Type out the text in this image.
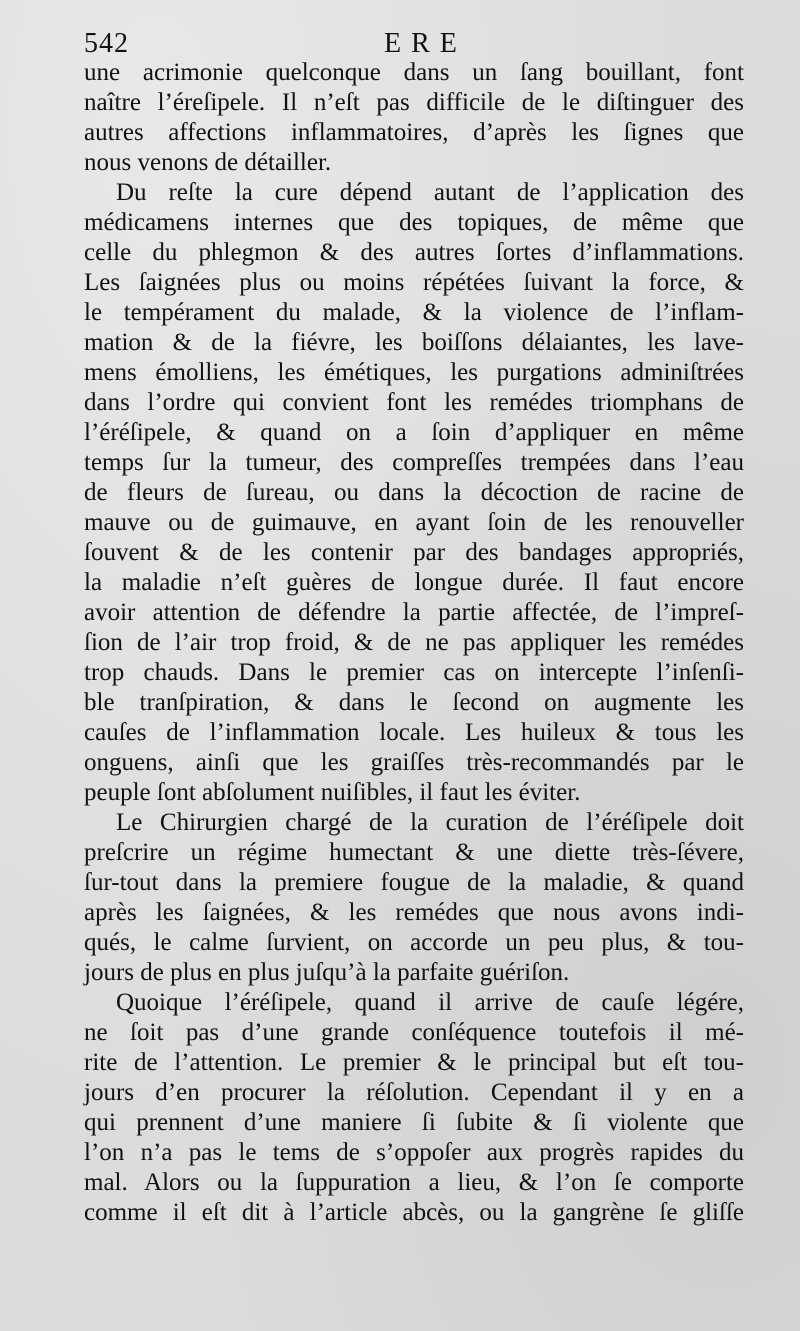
542	ERE
une acrimonie quelconque dans un ſang bouillant, font
naître l’éreſipele. Il n’eſt pas difficile de le diſtinguer des
autres affections inflammatoires, d’après les ſignes que
nous venons de détailler.
Du reſte la cure dépend autant de l’application des
médicamens internes que des topiques, de même que
celle du phlegmon & des autres ſortes d’inflammations.
Les ſaignées plus ou moins répétées ſuivant la force, &
le tempérament du malade, & la violence de l’inflam-
mation & de la fiévre, les boiſſons délaiantes, les lave-
mens émolliens, les émétiques, les purgations adminiſtrées
dans l’ordre qui convient font les remédes triomphans de
l’éréſipele, & quand on a ſoin d’appliquer en même
temps ſur la tumeur, des compreſſes trempées dans l’eau
de fleurs de ſureau, ou dans la décoction de racine de
mauve ou de guimauve, en ayant ſoin de les renouveller
ſouvent & de les contenir par des bandages appropriés,
la maladie n’eſt guères de longue durée. Il faut encore
avoir attention de défendre la partie affectée, de l’impreſ-
ſion de l’air trop froid, & de ne pas appliquer les remédes
trop chauds. Dans le premier cas on intercepte l’inſenſi-
ble tranſpiration, & dans le ſecond on augmente les
cauſes de l’inflammation locale. Les huileux & tous les
onguens, ainſi que les graiſſes très-recommandés par le
peuple ſont abſolument nuiſibles, il faut les éviter.
Le Chirurgien chargé de la curation de l’éréſipele doit
preſcrire un régime humectant & une diette très-ſévere,
ſur-tout dans la premiere fougue de la maladie, & quand
après les ſaignées, & les remédes que nous avons indi-
qués, le calme ſurvient, on accorde un peu plus, & tou-
jours de plus en plus juſqu’à la parfaite guériſon.
Quoique l’éréſipele, quand il arrive de cauſe légére,
ne ſoit pas d’une grande conſéquence toutefois il mé-
rite de l’attention. Le premier & le principal but eſt tou-
jours d’en procurer la réſolution. Cependant il y en a
qui prennent d’une maniere ſi ſubite & ſi violente que
l’on n’a pas le tems de s’oppoſer aux progrès rapides du
mal. Alors ou la ſuppuration a lieu, & l’on ſe comporte
comme il eſt dit à l’article abcès, ou la gangrène ſe gliſſe
